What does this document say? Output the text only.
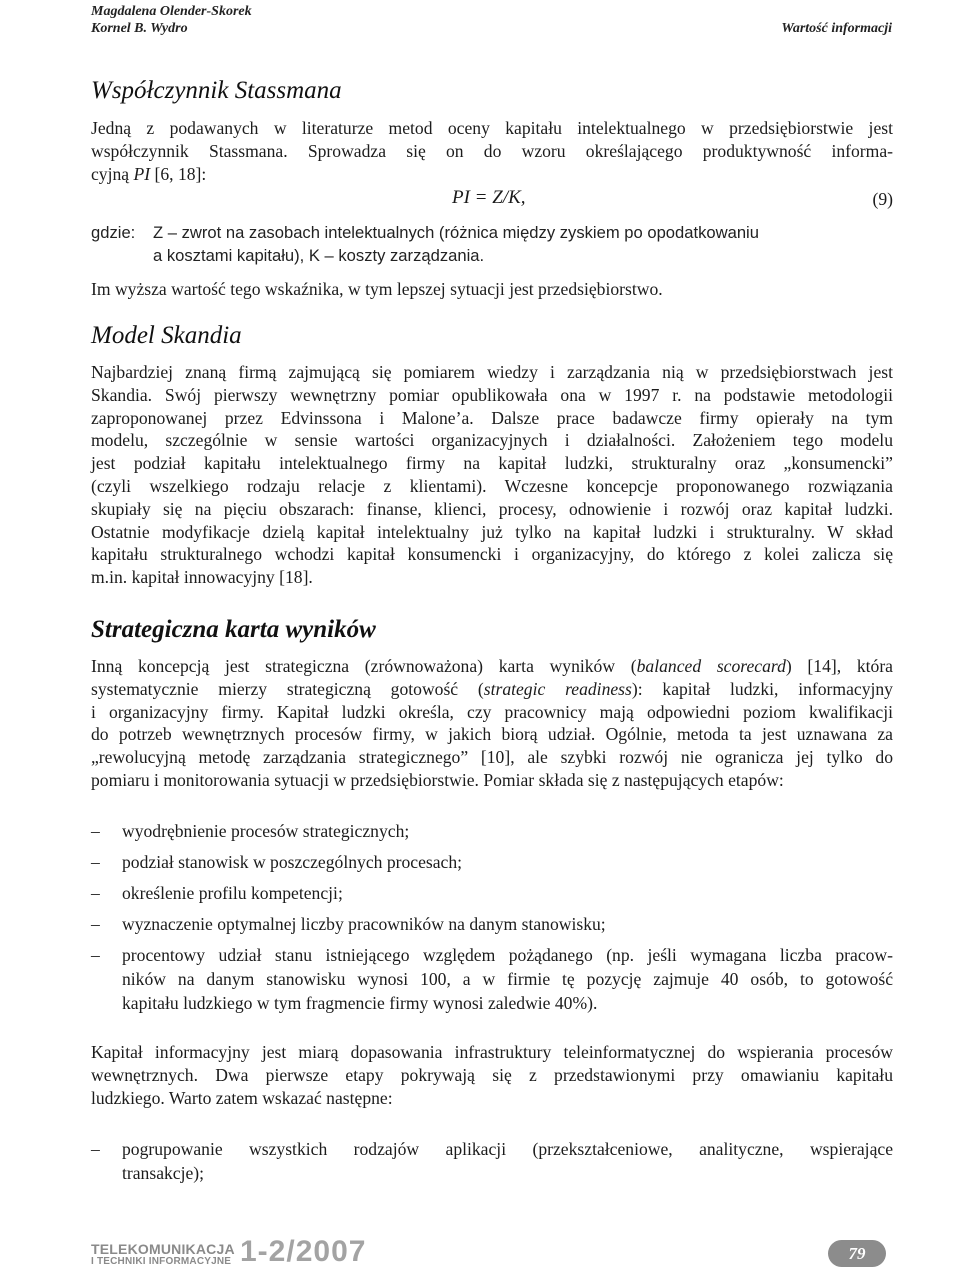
Magdalena Olender-Skorek
Kornel B. Wydro	Wartość informacji
Współczynnik Stassmana
Jedną z podawanych w literaturze metod oceny kapitału intelektualnego w przedsiębiorstwie jest
współczynnik Stassmana. Sprowadza się on do wzoru określającego produktywność informa-
cyjną PI [6, 18]:
PI = Z/K,	(9)
gdzie: Z – zwrot na zasobach intelektualnych (różnica między zyskiem po opodatkowaniu
a kosztami kapitału), K – koszty zarządzania.
Im wyższa wartość tego wskaźnika, w tym lepszej sytuacji jest przedsiębiorstwo.
Model Skandia
Najbardziej znaną firmą zajmującą się pomiarem wiedzy i zarządzania nią w przedsiębiorstwach jest
Skandia. Swój pierwszy wewnętrzny pomiar opublikowała ona w 1997 r. na podstawie metodologii
zaproponowanej przez Edvinssona i Malone’a. Dalsze prace badawcze firmy opierały na tym
modelu, szczególnie w sensie wartości organizacyjnych i działalności. Założeniem tego modelu
jest podział kapitału intelektualnego firmy na kapitał ludzki, strukturalny oraz „konsumencki”
(czyli wszelkiego rodzaju relacje z klientami). Wczesne koncepcje proponowanego rozwiązania
skupiały się na pięciu obszarach: finanse, klienci, procesy, odnowienie i rozwój oraz kapitał ludzki.
Ostatnie modyfikacje dzielą kapitał intelektualny już tylko na kapitał ludzki i strukturalny. W skład
kapitału strukturalnego wchodzi kapitał konsumencki i organizacyjny, do którego z kolei zalicza się
m.in. kapitał innowacyjny [18].
Strategiczna karta wyników
Inną koncepcją jest strategiczna (zrównoważona) karta wyników (balanced scorecard) [14], która
systematycznie mierzy strategiczną gotowość (strategic readiness): kapitał ludzki, informacyjny
i organizacyjny firmy. Kapitał ludzki określa, czy pracownicy mają odpowiedni poziom kwalifikacji
do potrzeb wewnętrznych procesów firmy, w jakich biorą udział. Ogólnie, metoda ta jest uznawana za
„rewolucyjną metodę zarządzania strategicznego” [10], ale szybki rozwój nie ogranicza jej tylko do
pomiaru i monitorowania sytuacji w przedsiębiorstwie. Pomiar składa się z następujących etapów:
– wyodrębnienie procesów strategicznych;
– podział stanowisk w poszczególnych procesach;
– określenie profilu kompetencji;
– wyznaczenie optymalnej liczby pracowników na danym stanowisku;
– procentowy udział stanu istniejącego względem pożądanego (np. jeśli wymagana liczba pracow-
ników na danym stanowisku wynosi 100, a w firmie tę pozycję zajmuje 40 osób, to gotowość
kapitału ludzkiego w tym fragmencie firmy wynosi zaledwie 40%).
Kapitał informacyjny jest miarą dopasowania infrastruktury teleinformatycznej do wspierania procesów
wewnętrznych. Dwa pierwsze etapy pokrywają się z przedstawionymi przy omawianiu kapitału
ludzkiego. Warto zatem wskazać następne:
– pogrupowanie wszystkich rodzajów aplikacji (przekształceniowe, analityczne, wspierające
transakcje);
TELEKOMUNIKACJA
I TECHNIKI INFORMACYJNE 1-2/2007	79
